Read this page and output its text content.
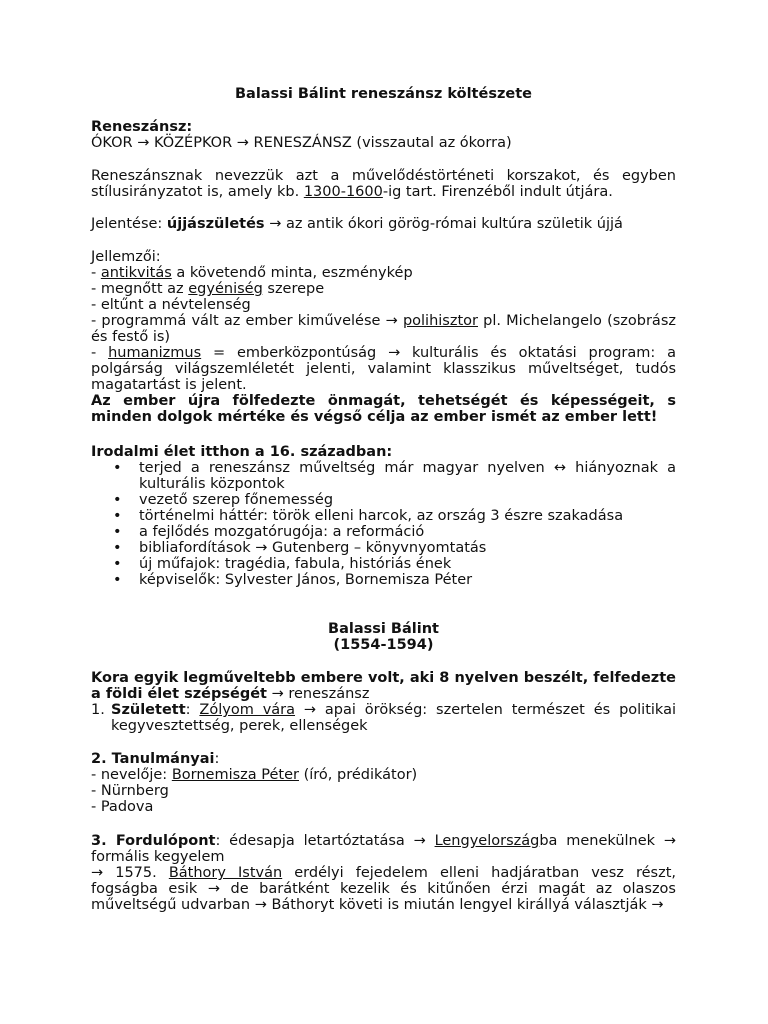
Balassi Bálint reneszánsz költészete
Reneszánsz:
ÓKOR → KÖZÉPKOR → RENESZÁNSZ (visszautal az ókorra)
Reneszánsznak nevezzük azt a művelődéstörténeti korszakot, és egyben stílusirányzatot is, amely kb. 1300-1600-ig tart. Firenzéből indult útjára.
Jelentése: újjászületés → az antik ókori görög-római kultúra születik újjá
Jellemzői:
- antikvitás a követendő minta, eszménykép
- megnőtt az egyéniség szerepe
- eltűnt a névtelenség
- programmá vált az ember kiművelése → polihisztor pl. Michelangelo (szobrász és festő is)
- humanizmus = emberközpontúság → kulturális és oktatási program: a polgárság világszemléletét jelenti, valamint klasszikus műveltséget, tudós magatartást is jelent.
Az ember újra fölfedezte önmagát, tehetségét és képességeit, s minden dolgok mértéke és végső célja az ember ismét az ember lett!
Irodalmi élet itthon a 16. században:
• terjed a reneszánsz műveltség már magyar nyelven ↔ hiányoznak a kulturális központok
• vezető szerep főnemesség
• történelmi háttér: török elleni harcok, az ország 3 észre szakadása
• a fejlődés mozgatórugója: a reformáció
• bibliafordítások → Gutenberg – könyvnyomtatás
• új műfajok: tragédia, fabula, históriás ének
• képviselők: Sylvester János, Bornemisza Péter
Balassi Bálint
(1554-1594)
Kora egyik legműveltebb embere volt, aki 8 nyelven beszélt, felfedezte a földi élet szépségét → reneszánsz
1. Született: Zólyom vára → apai örökség: szertelen természet és politikai kegyvesztettség, perek, ellenségek
2. Tanulmányai:
- nevelője: Bornemisza Péter (író, prédikátor)
- Nürnberg
- Padova
3. Fordulópont: édesapja letartóztatása → Lengyelországba menekülnek → formális kegyelem
→ 1575. Báthory István erdélyi fejedelem elleni hadjáratban vesz részt, fogságba esik → de barátként kezelik és kitűnően érzi magát az olaszos műveltségű udvarban → Báthoryt követi is miután lengyel királlyá választják →
